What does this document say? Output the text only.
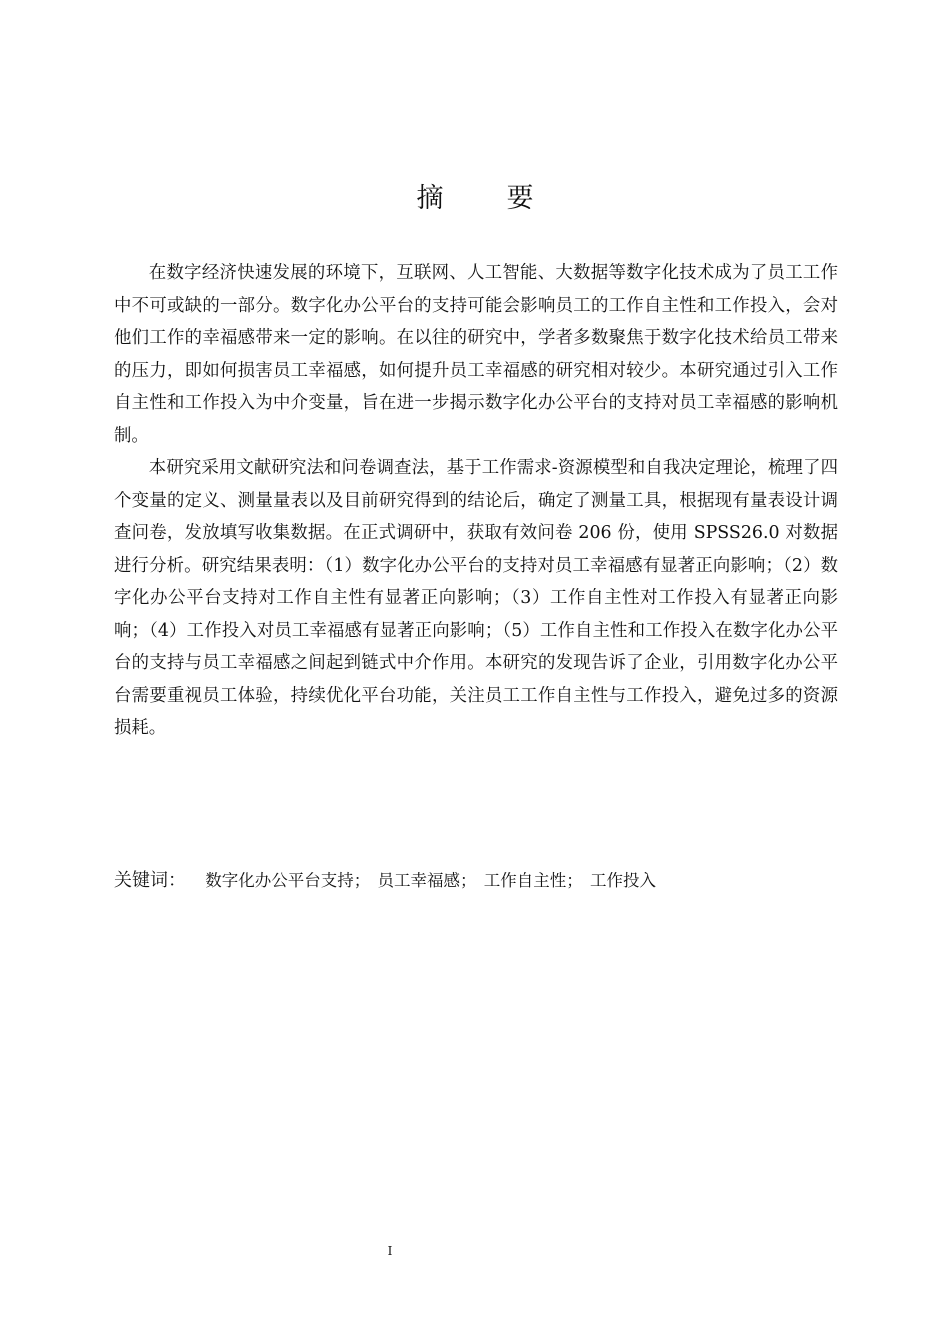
摘　要

在数字经济快速发展的环境下，互联网、人工智能、大数据等数字化技术成为了员工工作中不可或缺的一部分。数字化办公平台的支持可能会影响员工的工作自主性和工作投入，会对他们工作的幸福感带来一定的影响。在以往的研究中，学者多数聚焦于数字化技术给员工带来的压力，即如何损害员工幸福感，如何提升员工幸福感的研究相对较少。本研究通过引入工作自主性和工作投入为中介变量，旨在进一步揭示数字化办公平台的支持对员工幸福感的影响机制。

本研究采用文献研究法和问卷调查法，基于工作需求-资源模型和自我决定理论，梳理了四个变量的定义、测量量表以及目前研究得到的结论后，确定了测量工具，根据现有量表设计调查问卷，发放填写收集数据。在正式调研中，获取有效问卷 206 份，使用 SPSS26.0 对数据进行分析。研究结果表明：（1）数字化办公平台的支持对员工幸福感有显著正向影响；（2）数字化办公平台支持对工作自主性有显著正向影响；（3）工作自主性对工作投入有显著正向影响；（4）工作投入对员工幸福感有显著正向影响；（5）工作自主性和工作投入在数字化办公平台的支持与员工幸福感之间起到链式中介作用。本研究的发现告诉了企业，引用数字化办公平台需要重视员工体验，持续优化平台功能，关注员工工作自主性与工作投入，避免过多的资源损耗。

关键词： 数字化办公平台支持； 员工幸福感； 工作自主性； 工作投入
I
